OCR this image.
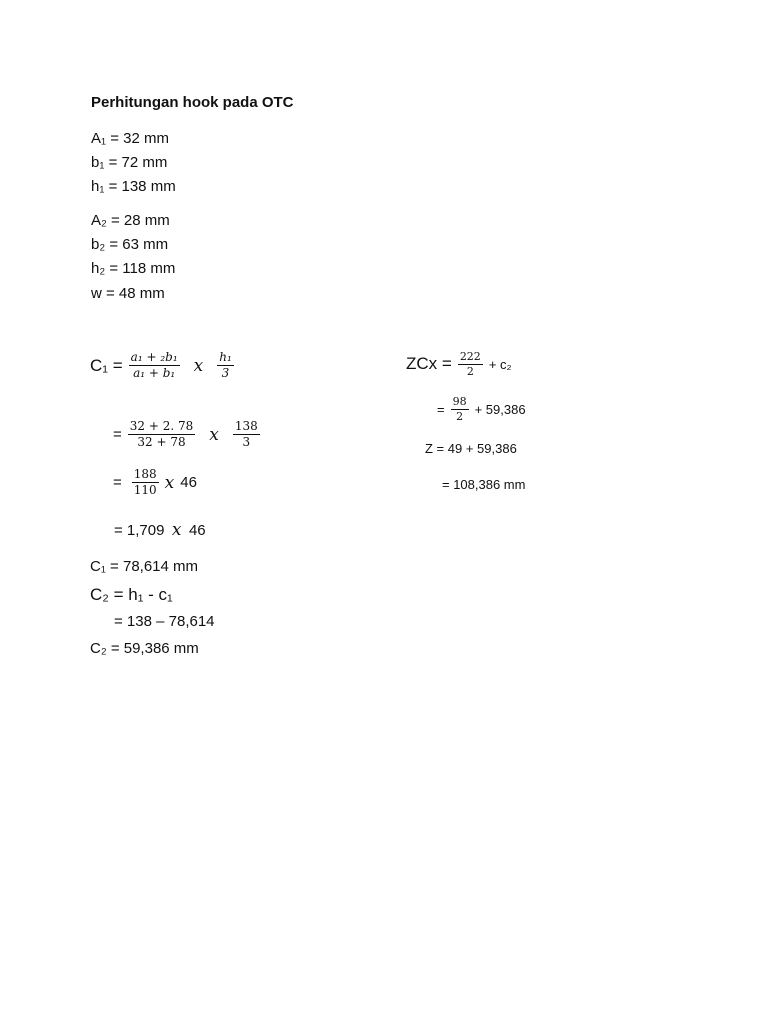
Perhitungan hook pada OTC
A₁ = 32 mm
b₁ = 72 mm
h₁ = 138 mm
A₂ = 28 mm
b₂ = 63 mm
h₂ = 118 mm
w = 48 mm
$C_1 = \frac{\text{a₁ + ₂b₁}}{\text{a₁ + b₁}}$ x $\frac{\text{h₁}}{3}$
= $\frac{32 + 2. 78}{32 + 78}$ x $\frac{138}{3}$
= $\frac{188}{110}$ x 46
= 1,709 x 46
C₁ = 78,614 mm
C₂ = h₁ - c₁
= 138 – 78,614
C₂ = 59,386 mm
ZCx = $\frac{222}{2} + c_2$
= $\frac{98}{2} + 59,386$
Z = 49 + 59,386
= 108,386 mm
